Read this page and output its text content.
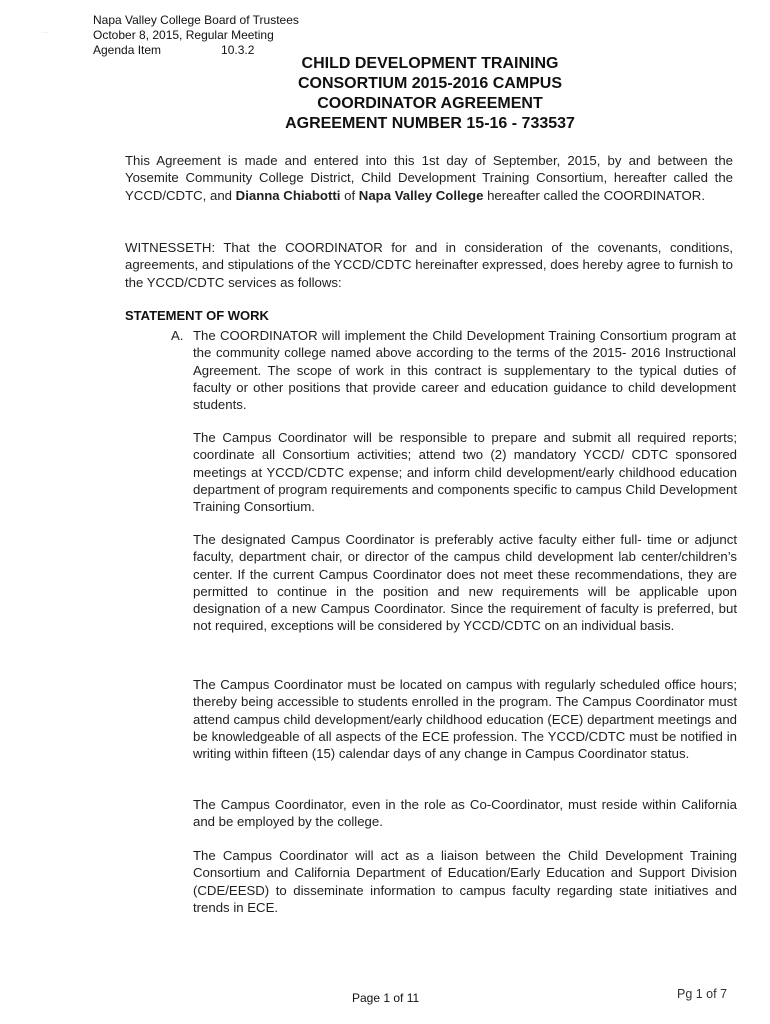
· ·
Napa Valley College Board of Trustees
October 8, 2015, Regular Meeting
Agenda Item	10.3.2
CHILD DEVELOPMENT TRAINING
CONSORTIUM 2015-2016 CAMPUS
COORDINATOR AGREEMENT
AGREEMENT NUMBER 15-16 - 733537
This Agreement is made and entered into this 1st day of September, 2015, by and between the Yosemite Community College District, Child Development Training Consortium, hereafter called the YCCD/CDTC, and Dianna Chiabotti of Napa Valley College hereafter called the COORDINATOR.
WITNESSETH: That the COORDINATOR for and in consideration of the covenants, conditions, agreements, and stipulations of the YCCD/CDTC hereinafter expressed, does hereby agree to furnish to the YCCD/CDTC services as follows:
STATEMENT OF WORK
A. The COORDINATOR will implement the Child Development Training Consortium program at the community college named above according to the terms of the 2015- 2016 Instructional Agreement. The scope of work in this contract is supplementary to the typical duties of faculty or other positions that provide career and education guidance to child development students.
The Campus Coordinator will be responsible to prepare and submit all required reports; coordinate all Consortium activities; attend two (2) mandatory YCCD/ CDTC sponsored meetings at YCCD/CDTC expense; and inform child development/early childhood education department of program requirements and components specific to campus Child Development Training Consortium.
The designated Campus Coordinator is preferably active faculty either full- time or adjunct faculty, department chair, or director of the campus child development lab center/children’s center. If the current Campus Coordinator does not meet these recommendations, they are permitted to continue in the position and new requirements will be applicable upon designation of a new Campus Coordinator. Since the requirement of faculty is preferred, but not required, exceptions will be considered by YCCD/CDTC on an individual basis.
The Campus Coordinator must be located on campus with regularly scheduled office hours; thereby being accessible to students enrolled in the program. The Campus Coordinator must attend campus child development/early childhood education (ECE) department meetings and be knowledgeable of all aspects of the ECE profession. The YCCD/CDTC must be notified in writing within fifteen (15) calendar days of any change in Campus Coordinator status.
The Campus Coordinator, even in the role as Co-Coordinator, must reside within California and be employed by the college.
The Campus Coordinator will act as a liaison between the Child Development Training Consortium and California Department of Education/Early Education and Support Division (CDE/EESD) to disseminate information to campus faculty regarding state initiatives and trends in ECE.
Page 1 of 11	Pg 1 of 7
